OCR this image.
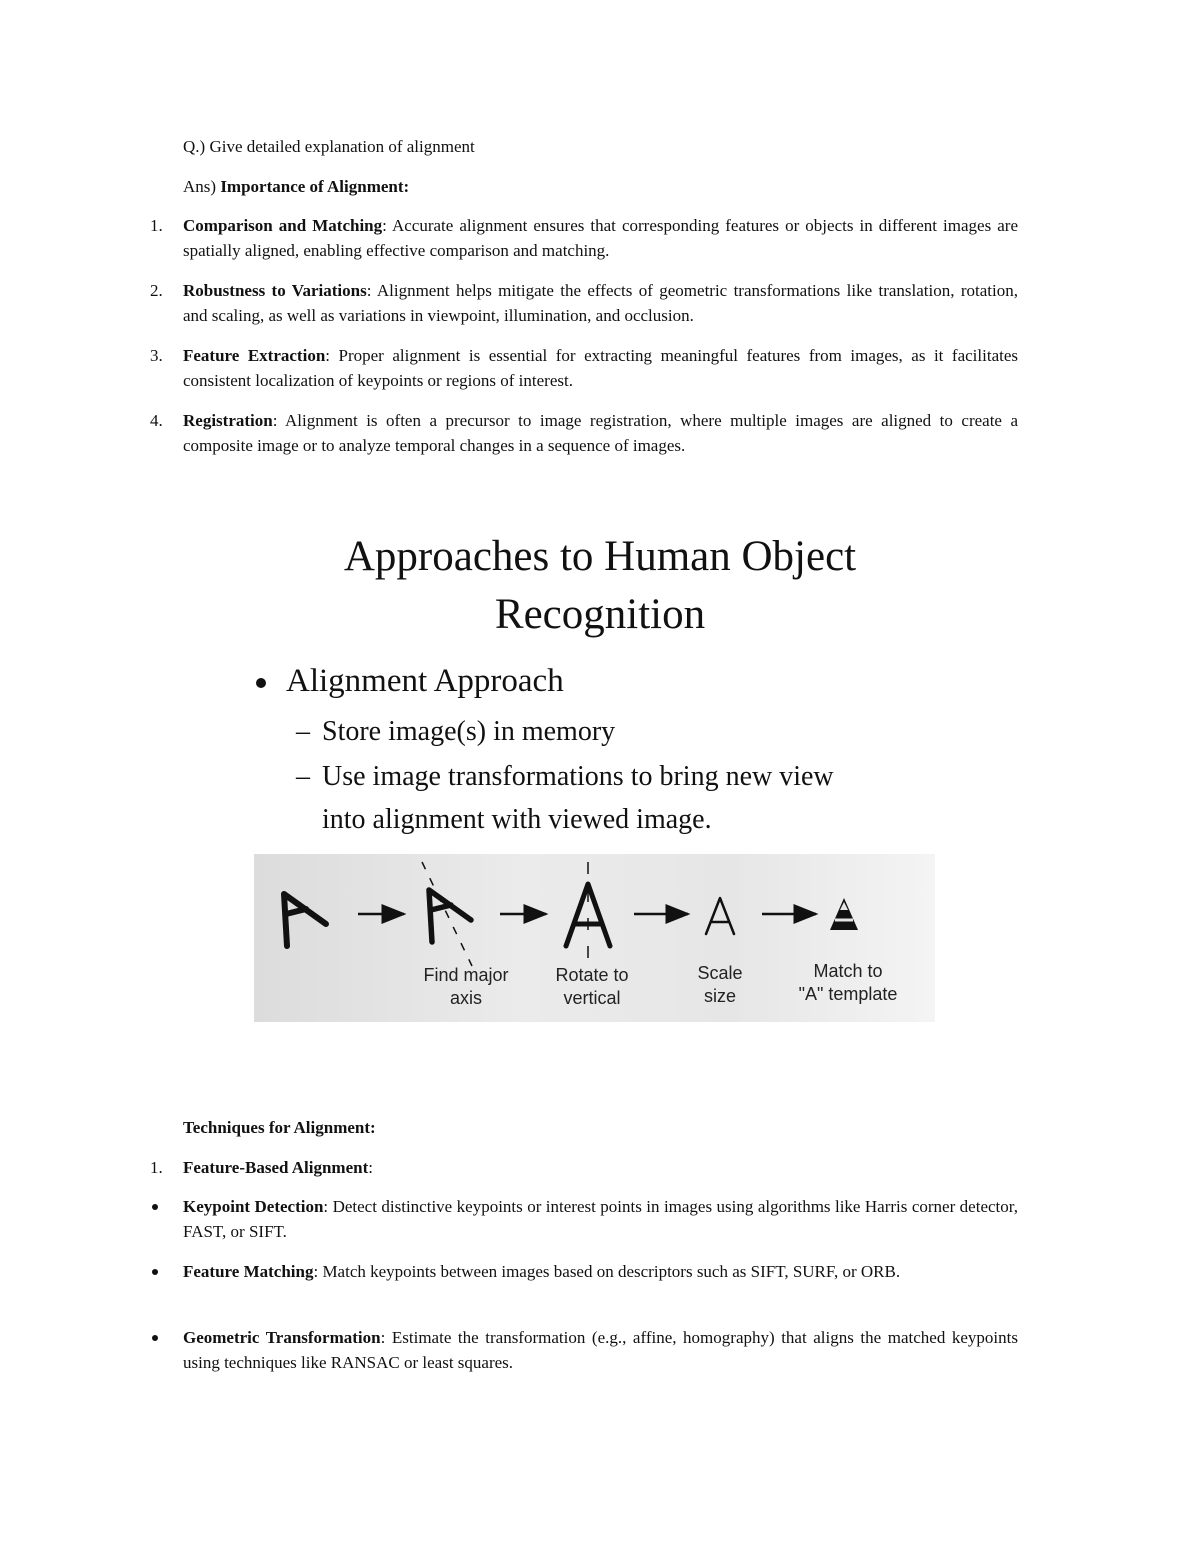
Q.) Give detailed explanation of alignment
Ans) Importance of Alignment:
1.	Comparison and Matching: Accurate alignment ensures that corresponding features or objects in different images are spatially aligned, enabling effective comparison and matching.
2.	Robustness to Variations: Alignment helps mitigate the effects of geometric transformations like translation, rotation, and scaling, as well as variations in viewpoint, illumination, and occlusion.
3.	Feature Extraction: Proper alignment is essential for extracting meaningful features from images, as it facilitates consistent localization of keypoints or regions of interest.
4.	Registration: Alignment is often a precursor to image registration, where multiple images are aligned to create a composite image or to analyze temporal changes in a sequence of images.
Approaches to Human Object
Recognition
Alignment Approach
– Store image(s) in memory
– Use image transformations to bring new view
into alignment with viewed image.
Find major
axis
Rotate to
vertical
Scale
size
Match to
"A" template
Techniques for Alignment:
1.	Feature-Based Alignment:
Keypoint Detection: Detect distinctive keypoints or interest points in images using algorithms like Harris corner detector, FAST, or SIFT.
Feature Matching: Match keypoints between images based on descriptors such as SIFT, SURF, or ORB.
Geometric Transformation: Estimate the transformation (e.g., affine, homography) that aligns the matched keypoints using techniques like RANSAC or least squares.
